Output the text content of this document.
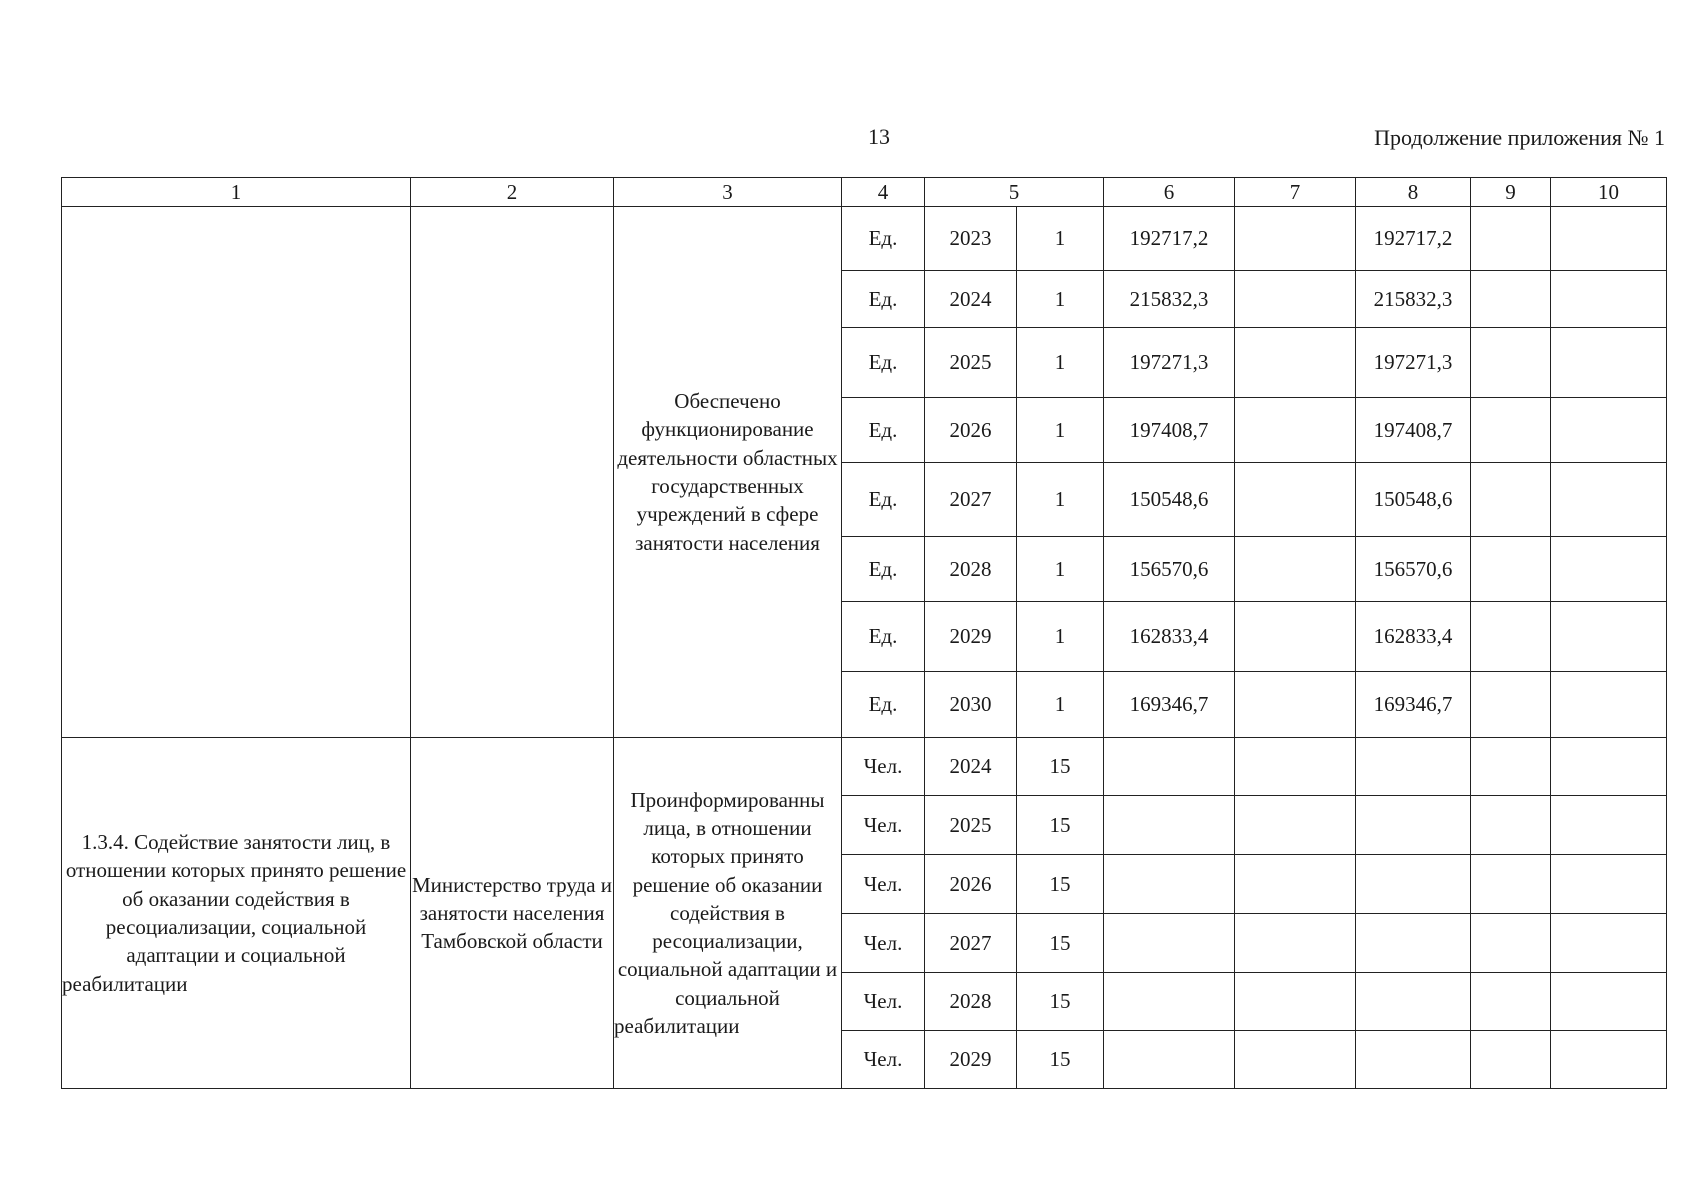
13	Продолжение приложения № 1
1	2	3	4	5		6	7	8	9	10
		Обеспечено функционирование деятельности областных государственных учреждений в сфере занятости населения	Ед.	2023	1	192717,2		192717,2		
			Ед.	2024	1	215832,3		215832,3		
			Ед.	2025	1	197271,3		197271,3		
			Ед.	2026	1	197408,7		197408,7		
			Ед.	2027	1	150548,6		150548,6		
			Ед.	2028	1	156570,6		156570,6		
			Ед.	2029	1	162833,4		162833,4		
			Ед.	2030	1	169346,7		169346,7		
1.3.4. Содействие занятости лиц, в отношении которых принято решение об оказании содействия в ресоциализации, социальной адаптации и социальной реабилитации	Министерство труда и занятости населения Тамбовской области	Проинформированны лица, в отношении которых принято решение об оказании содействия в ресоциализации, социальной адаптации и социальной реабилитации	Чел.	2024	15					
			Чел.	2025	15					
			Чел.	2026	15					
			Чел.	2027	15					
			Чел.	2028	15					
			Чел.	2029	15					
